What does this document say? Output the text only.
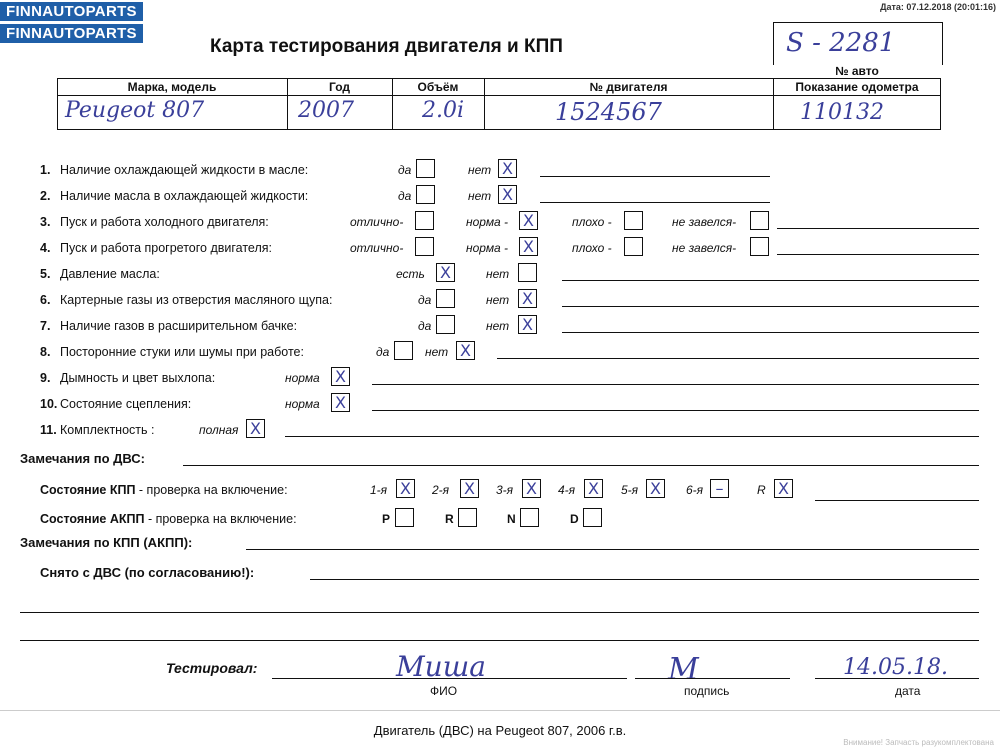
FINNAUTOPARTS
FINNAUTOPARTS
Дата: 07.12.2018 (20:01:16)
Карта тестирования двигателя и КПП	S - 2281
№ авто
Марка, модель	Год	Объём	№ двигателя	Показание одометра
Peugeot 807	2007	2.0i	1524567	110132
Замечания по ДВС:
Состояние КПП - проверка на включение:
Состояние АКПП - проверка на включение:
Замечания по КПП (АКПП):
Снято с ДВС (по согласованию!):
Тестировал:	Миша	М	14.05.18.
ФИО	подпись	дата
Двигатель (ДВС) на Peugeot 807, 2006 г.в.
Внимание! Запчасть разукомплектована
1. Наличие охлаждающей жидкости в масле:	да	нет X
2. Наличие масла в охлаждающей жидкости:	да	нет X
3. Пуск и работа холодного двигателя:	отлично-	норма - X	плохо -	не завелся-
4. Пуск и работа прогретого двигателя:	отлично-	норма - X	плохо -	не завелся-
5. Давление масла:	есть X	нет
6. Картерные газы из отверстия масляного щупа:	да	нет X
7. Наличие газов в расширительном бачке:	да	нет X
8. Посторонние стуки или шумы при работе:	да	нет X
9. Дымность и цвет выхлопа:	норма X
10. Состояние сцепления:	норма X
11. Комплектность :	полная X
1-я X	2-я X	3-я X	4-я X	5-я X	6-я –	R X
P	R	N	D
